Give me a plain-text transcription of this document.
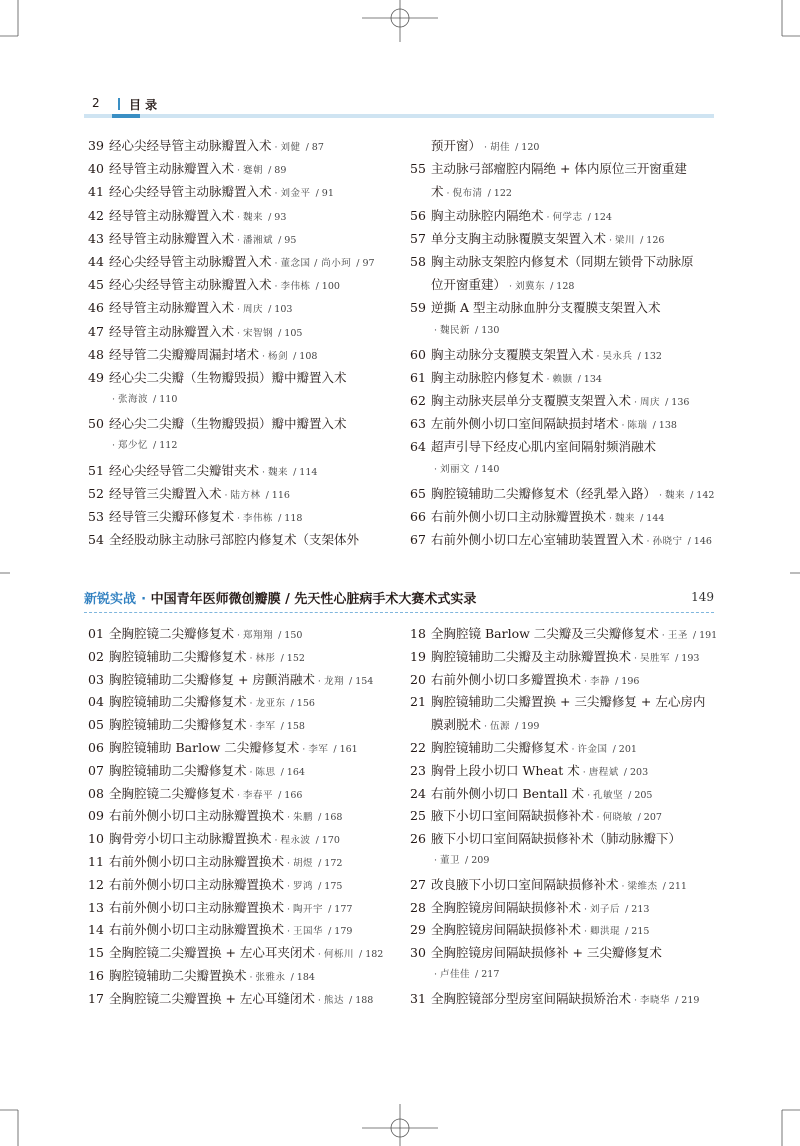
2 目 录
39 经心尖经导管主动脉瓣置入术 · 刘健 / 87
40 经导管主动脉瓣置入术 · 蹇朝 / 89
41 经心尖经导管主动脉瓣置入术 · 刘金平 / 91
42 经导管主动脉瓣置入术 · 魏来 / 93
43 经导管主动脉瓣置入术 · 潘湘斌 / 95
44 经心尖经导管主动脉瓣置入术 · 董念国 / 尚小珂 / 97
45 经心尖经导管主动脉瓣置入术 · 李伟栋 / 100
46 经导管主动脉瓣置入术 · 周庆 / 103
47 经导管主动脉瓣置入术 · 宋智钢 / 105
48 经导管二尖瓣瓣周漏封堵术 · 杨剑 / 108
49 经心尖二尖瓣（生物瓣毁损）瓣中瓣置入术
· 张海波 / 110
50 经心尖二尖瓣（生物瓣毁损）瓣中瓣置入术
· 郑少忆 / 112
51 经心尖经导管二尖瓣钳夹术 · 魏来 / 114
52 经导管三尖瓣置入术 · 陆方林 / 116
53 经导管三尖瓣环修复术 · 李伟栋 / 118
54 全经股动脉主动脉弓部腔内修复术（支架体外
预开窗） · 胡佳 / 120
55 主动脉弓部瘤腔内隔绝 + 体内原位三开窗重建
术 · 倪布清 / 122
56 胸主动脉腔内隔绝术 · 何学志 / 124
57 单分支胸主动脉覆膜支架置入术 · 梁川 / 126
58 胸主动脉支架腔内修复术（同期左锁骨下动脉原
位开窗重建） · 刘冀东 / 128
59 逆撕 A 型主动脉血肿分支覆膜支架置入术
· 魏民新 / 130
60 胸主动脉分支覆膜支架置入术 · 吴永兵 / 132
61 胸主动脉腔内修复术 · 赖颢 / 134
62 胸主动脉夹层单分支覆膜支架置入术 · 周庆 / 136
63 左前外侧小切口室间隔缺损封堵术 · 陈瑞 / 138
64 超声引导下经皮心肌内室间隔射频消融术
· 刘丽文 / 140
65 胸腔镜辅助二尖瓣修复术（经乳晕入路） · 魏来 / 142
66 右前外侧小切口主动脉瓣置换术 · 魏来 / 144
67 右前外侧小切口左心室辅助装置置入术 · 孙晓宁 / 146
新锐实战 · 中国青年医师微创瓣膜 / 先天性心脏病手术大赛术式实录	149
01 全胸腔镜二尖瓣修复术 · 郑翔翔 / 150
02 胸腔镜辅助二尖瓣修复术 · 林彤 / 152
03 胸腔镜辅助二尖瓣修复 + 房颤消融术 · 龙翔 / 154
04 胸腔镜辅助二尖瓣修复术 · 龙亚东 / 156
05 胸腔镜辅助二尖瓣修复术 · 李军 / 158
06 胸腔镜辅助 Barlow 二尖瓣修复术 · 李军 / 161
07 胸腔镜辅助二尖瓣修复术 · 陈思 / 164
08 全胸腔镜二尖瓣修复术 · 李春平 / 166
09 右前外侧小切口主动脉瓣置换术 · 朱鹏 / 168
10 胸骨旁小切口主动脉瓣置换术 · 程永波 / 170
11 右前外侧小切口主动脉瓣置换术 · 胡煜 / 172
12 右前外侧小切口主动脉瓣置换术 · 罗鸿 / 175
13 右前外侧小切口主动脉瓣置换术 · 陶开宇 / 177
14 右前外侧小切口主动脉瓣置换术 · 王国华 / 179
15 全胸腔镜二尖瓣置换 + 左心耳夹闭术 · 何栎川 / 182
16 胸腔镜辅助二尖瓣置换术 · 张雅永 / 184
17 全胸腔镜二尖瓣置换 + 左心耳缝闭术 · 熊达 / 188
18 全胸腔镜 Barlow 二尖瓣及三尖瓣修复术 · 王圣 / 191
19 胸腔镜辅助二尖瓣及主动脉瓣置换术 · 吴胜军 / 193
20 右前外侧小切口多瓣置换术 · 李静 / 196
21 胸腔镜辅助二尖瓣置换 + 三尖瓣修复 + 左心房内
膜剥脱术 · 伍源 / 199
22 胸腔镜辅助二尖瓣修复术 · 许金国 / 201
23 胸骨上段小切口 Wheat 术 · 唐程斌 / 203
24 右前外侧小切口 Bentall 术 · 孔敏坚 / 205
25 腋下小切口室间隔缺损修补术 · 何晓敏 / 207
26 腋下小切口室间隔缺损修补术（肺动脉瓣下）
· 董卫 / 209
27 改良腋下小切口室间隔缺损修补术 · 梁维杰 / 211
28 全胸腔镜房间隔缺损修补术 · 刘子后 / 213
29 全胸腔镜房间隔缺损修补术 · 卿洪琨 / 215
30 全胸腔镜房间隔缺损修补 + 三尖瓣修复术
· 卢佳佳 / 217
31 全胸腔镜部分型房室间隔缺损矫治术 · 李晓华 / 219
